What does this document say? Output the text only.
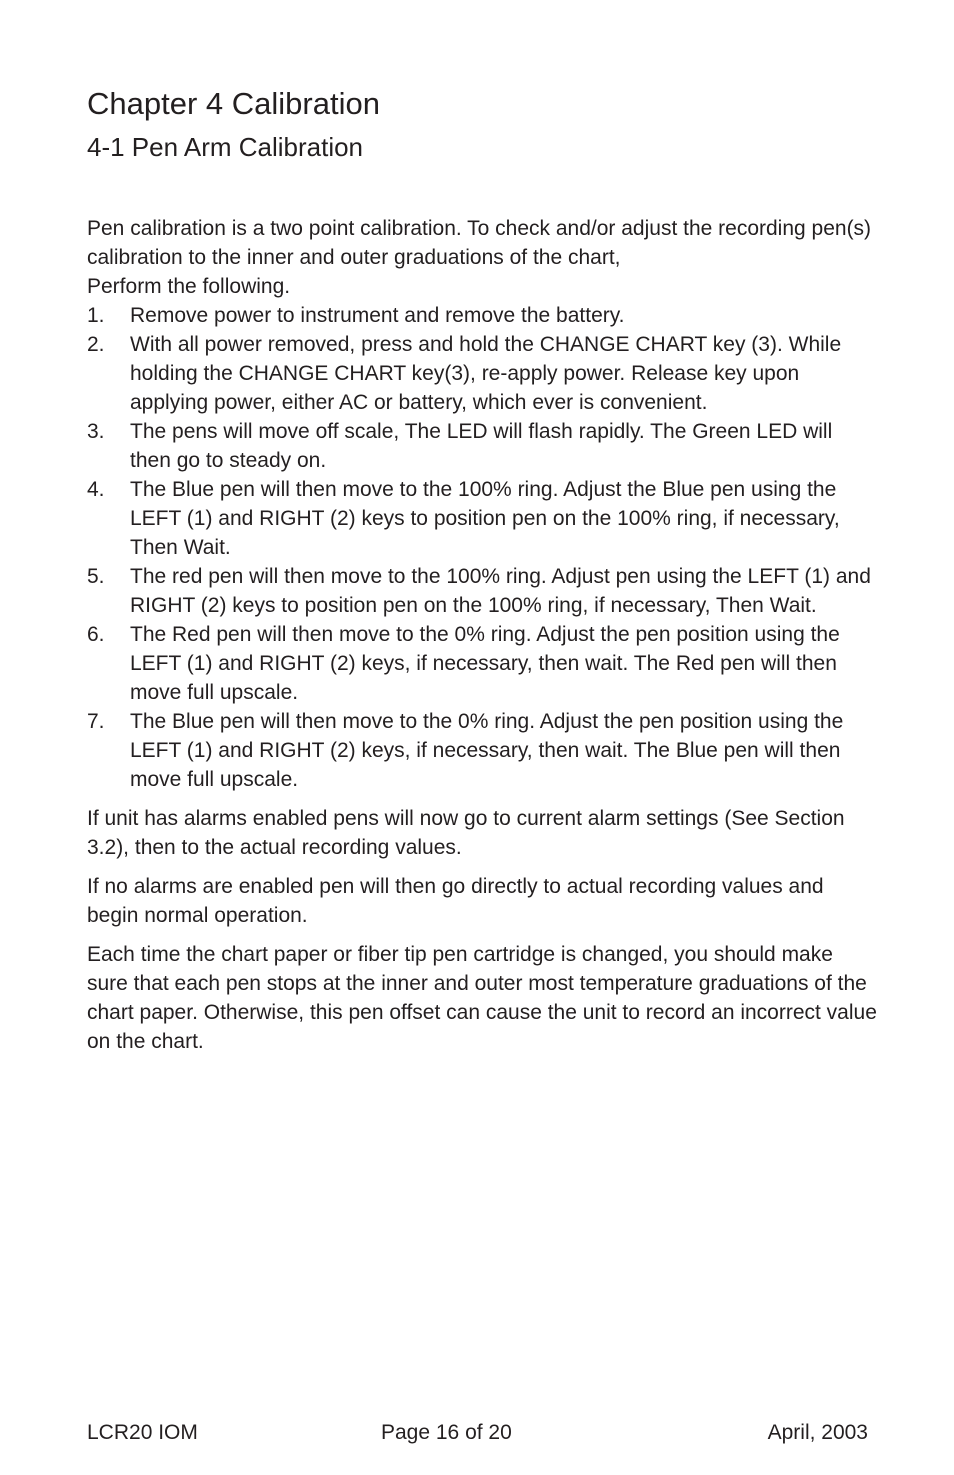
Chapter 4 Calibration
4-1 Pen Arm Calibration

Pen calibration is a two point calibration. To check and/or adjust the recording pen(s) calibration to the inner and outer graduations of the chart,

Perform the following.

1. Remove power to instrument and remove the battery.
2. With all power removed, press and hold the CHANGE CHART key (3). While holding the CHANGE CHART key(3), re-apply power. Release key upon applying power, either AC or battery, which ever is convenient.
3. The pens will move off scale, The LED will flash rapidly. The Green LED will then go to steady on.
4. The Blue pen will then move to the 100% ring. Adjust the Blue pen using the LEFT (1) and RIGHT (2) keys to position pen on the 100% ring, if necessary, Then Wait.
5. The red pen will then move to the 100% ring. Adjust pen using the LEFT (1) and RIGHT (2) keys to position pen on the 100% ring, if necessary, Then Wait.
6. The Red pen will then move to the 0% ring. Adjust the pen position using the LEFT (1) and RIGHT (2) keys, if necessary, then wait. The Red pen will then move full upscale.
7. The Blue pen will then move to the 0% ring. Adjust the pen position using the LEFT (1) and RIGHT (2) keys, if necessary, then wait. The Blue pen will then move full upscale.

If unit has alarms enabled pens will now go to current alarm settings (See Section 3.2), then to the actual recording values.

If no alarms are enabled pen will then go directly to actual recording values and begin normal operation.

Each time the chart paper or fiber tip pen cartridge is changed, you should make sure that each pen stops at the inner and outer most temperature graduations of the chart paper. Otherwise, this pen offset can cause the unit to record an incorrect value on the chart.

LCR20 IOM	Page 16 of 20	April, 2003
